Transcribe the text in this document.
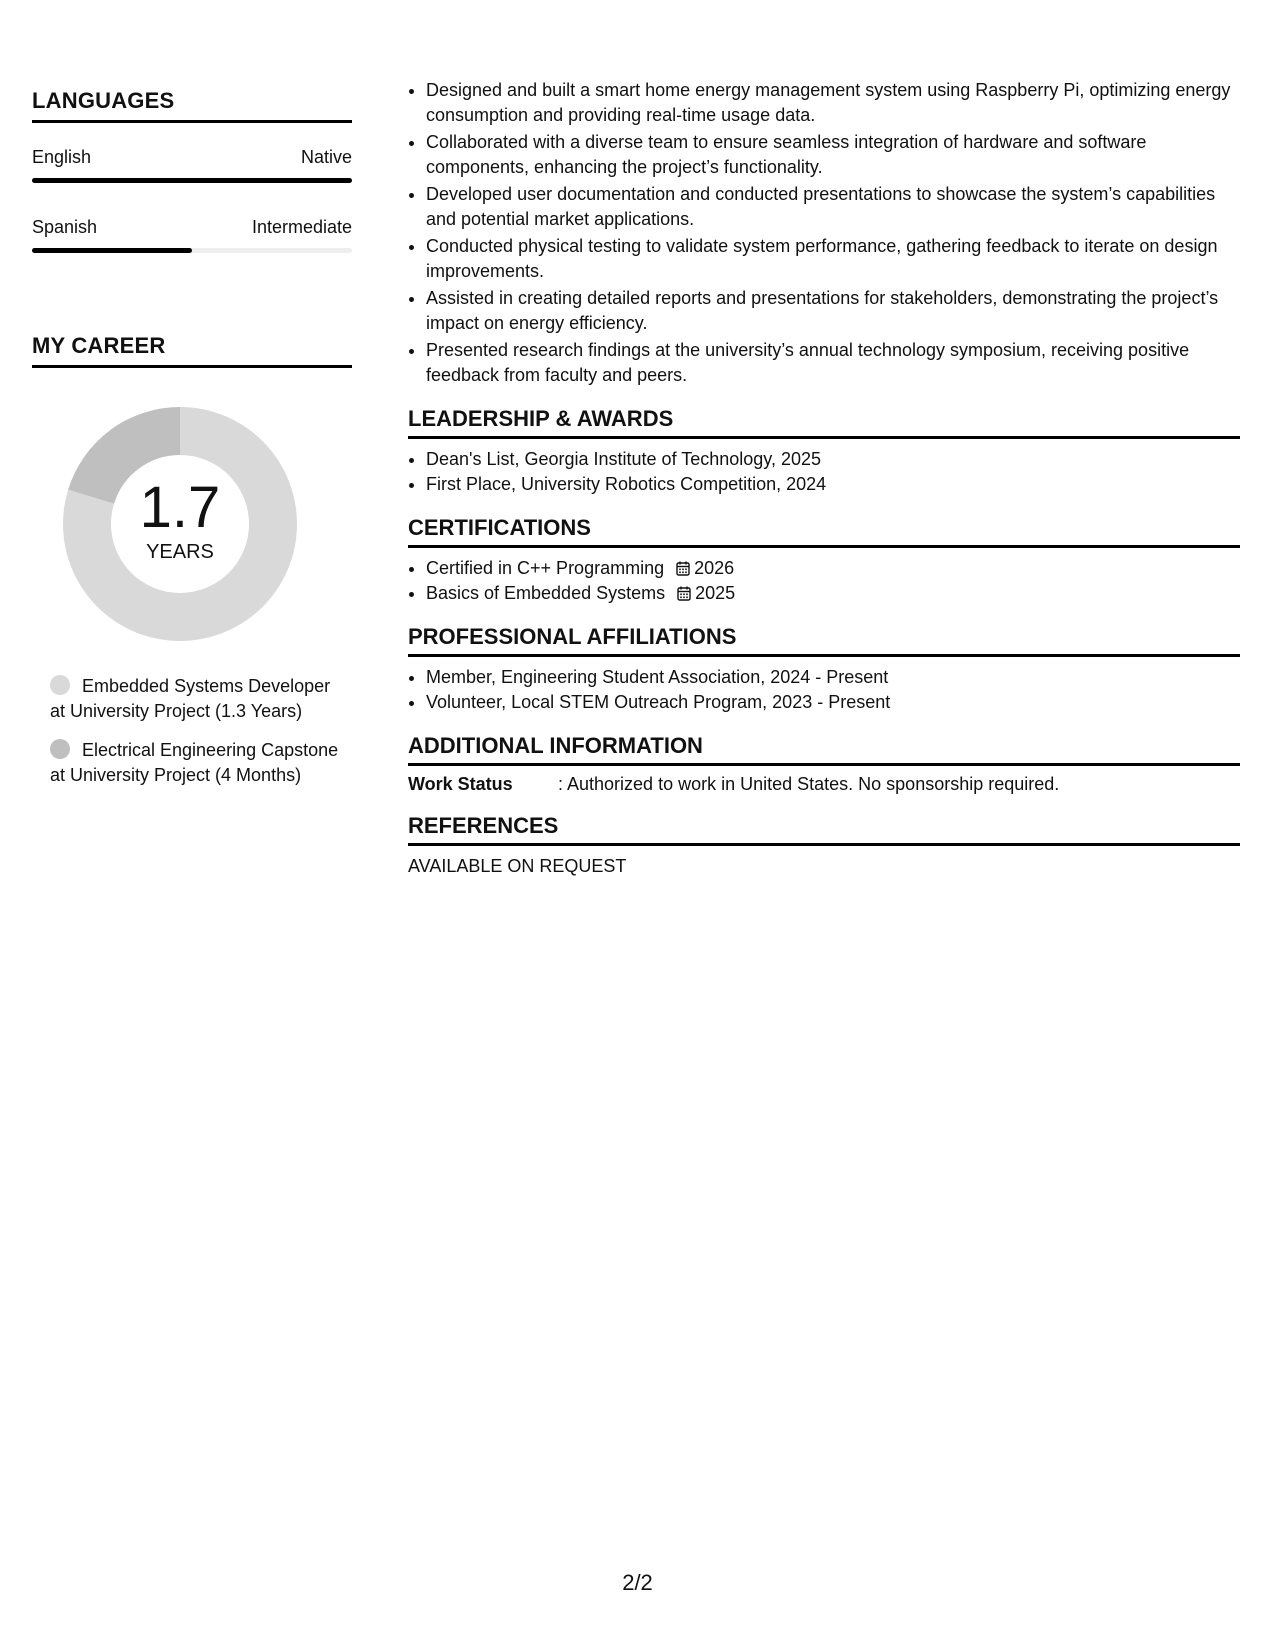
LANGUAGES
English	Native
Spanish	Intermediate
MY CAREER
1.7
YEARS
Embedded Systems Developer at University Project (1.3 Years)
Electrical Engineering Capstone at University Project (4 Months)
• Designed and built a smart home energy management system using Raspberry Pi, optimizing energy consumption and providing real-time usage data.
• Collaborated with a diverse team to ensure seamless integration of hardware and software components, enhancing the project’s functionality.
• Developed user documentation and conducted presentations to showcase the system’s capabilities and potential market applications.
• Conducted physical testing to validate system performance, gathering feedback to iterate on design improvements.
• Assisted in creating detailed reports and presentations for stakeholders, demonstrating the project’s impact on energy efficiency.
• Presented research findings at the university’s annual technology symposium, receiving positive feedback from faculty and peers.
LEADERSHIP & AWARDS
• Dean's List, Georgia Institute of Technology, 2025
• First Place, University Robotics Competition, 2024
CERTIFICATIONS
• Certified in C++ Programming 2026
• Basics of Embedded Systems 2025
PROFESSIONAL AFFILIATIONS
• Member, Engineering Student Association, 2024 - Present
• Volunteer, Local STEM Outreach Program, 2023 - Present
ADDITIONAL INFORMATION
Work Status	: Authorized to work in United States. No sponsorship required.
REFERENCES
AVAILABLE ON REQUEST
2/2
